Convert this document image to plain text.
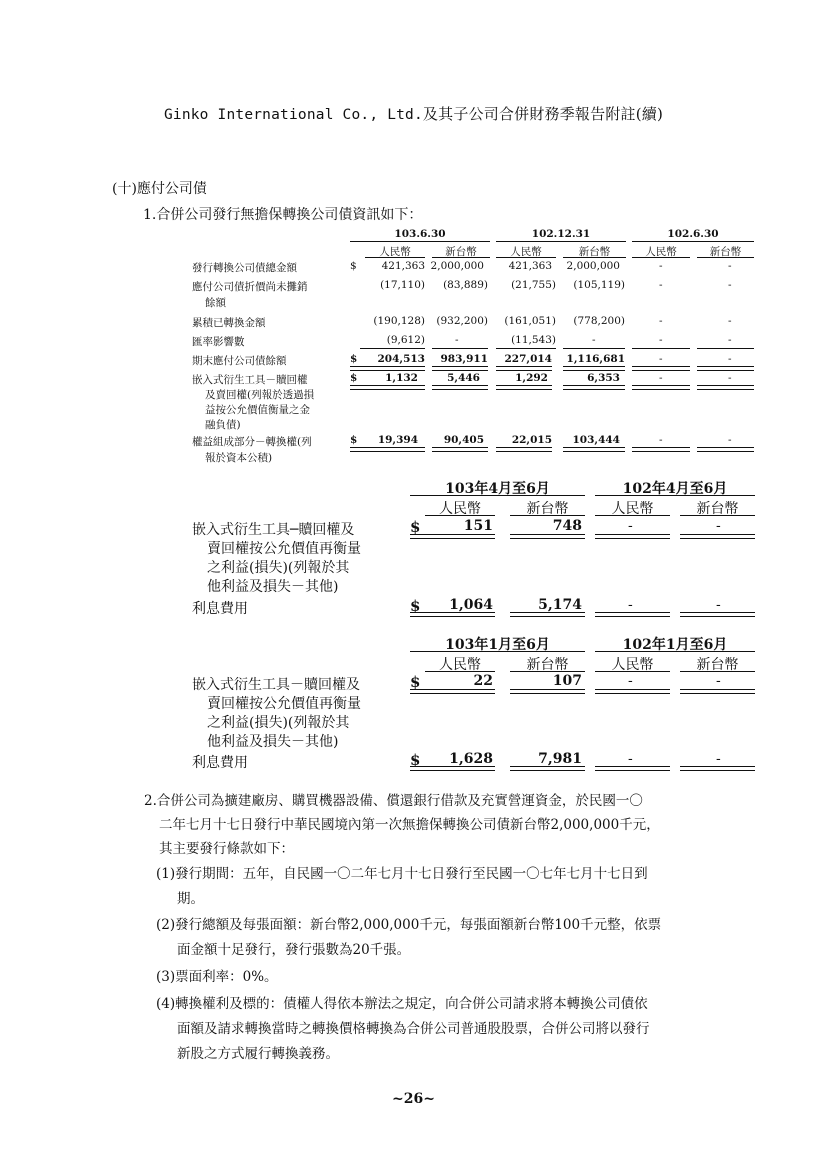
Ginko International Co., Ltd.及其子公司合併財務季報告附註(續)
(十)應付公司債
1.合併公司發行無擔保轉換公司債資訊如下：
103.6.30	102.12.31	102.6.30
人民幣	新台幣	人民幣	新台幣	人民幣	新台幣
發行轉換公司債總金額	$	421,363 2,000,000	421,363	2,000,000	-	-
應付公司債折價尚未攤銷
餘額
(17,110)	(83,889)	(21,755)	(105,119)	-	-
累積已轉換金額	(190,128)	(932,200)	(161,051)	(778,200)	-	-
匯率影響數	(9,612)	-	(11,543)	-	-	-
期末應付公司債餘額	$	204,513	983,911	227,014	1,116,681	-	-
嵌入式衍生工具－贖回權
及賣回權(列報於透過損
益按公允價值衡量之金
融負債)
$	1,132	5,446	1,292	6,353	-	-
權益組成部分－轉換權(列
報於資本公積)
$	19,394	90,405	22,015	103,444	-	-
103年4月至6月	102年4月至6月
人民幣	新台幣	人民幣	新台幣
嵌入式衍生工具─贖回權及
賣回權按公允價值再衡量
之利益(損失)(列報於其
他利益及損失－其他)
$	151	748	-	-
利息費用	$	1,064	5,174	-	-
103年1月至6月	102年1月至6月
人民幣	新台幣	人民幣	新台幣
嵌入式衍生工具－贖回權及
賣回權按公允價值再衡量
之利益(損失)(列報於其
他利益及損失－其他)
$	22	107	-	-
利息費用	$	1,628	7,981	-	-
2.合併公司為擴建廠房、購買機器設備、償還銀行借款及充實營運資金，於民國一〇
二年七月十七日發行中華民國境內第一次無擔保轉換公司債新台幣2,000,000千元，
其主要發行條款如下：
(1)發行期間：五年，自民國一〇二年七月十七日發行至民國一〇七年七月十七日到
期。
(2)發行總額及每張面額：新台幣2,000,000千元，每張面額新台幣100千元整，依票
面金額十足發行，發行張數為20千張。
(3)票面利率：0%。
(4)轉換權利及標的：債權人得依本辦法之規定，向合併公司請求將本轉換公司債依
面額及請求轉換當時之轉換價格轉換為合併公司普通股股票，合併公司將以發行
新股之方式履行轉換義務。
~26~
